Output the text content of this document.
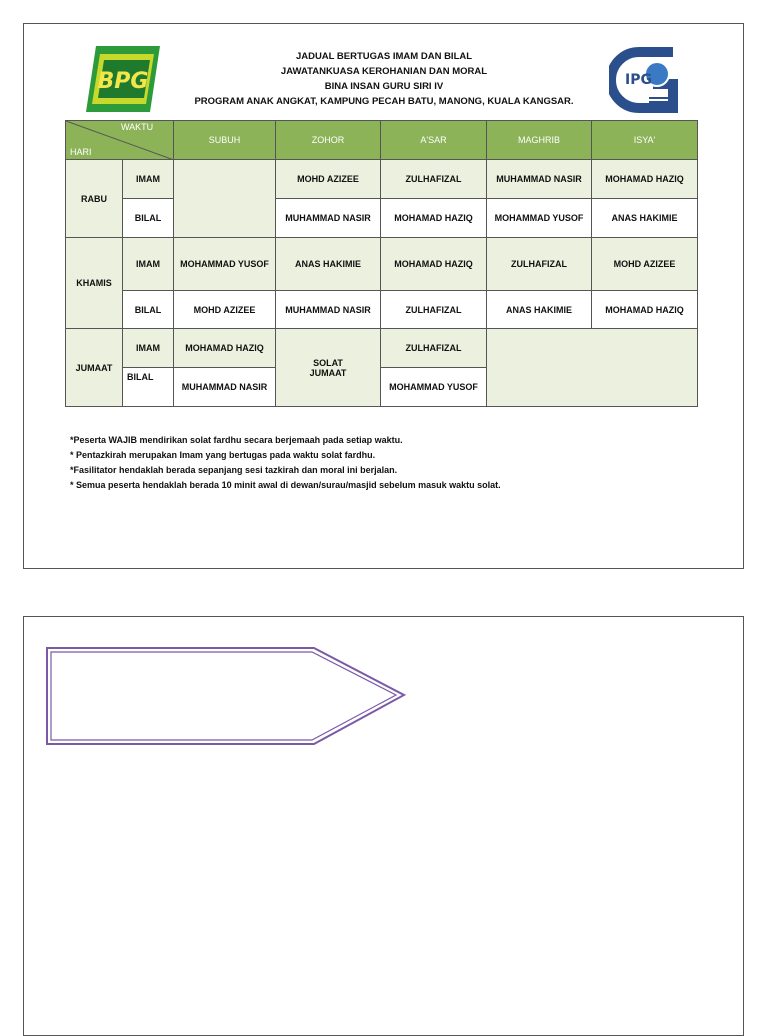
BPG
JADUAL BERTUGAS IMAM DAN BILAL
JAWATANKUASA KEROHANIAN DAN MORAL
BINA INSAN GURU SIRI IV
PROGRAM ANAK ANGKAT, KAMPUNG PECAH BATU, MANONG, KUALA KANGSAR.
IPG
WAKTU
HARI		SUBUH	ZOHOR	A'SAR	MAGHRIB	ISYA'
RABU	IMAM		MOHD AZIZEE	ZULHAFIZAL	MUHAMMAD NASIR	MOHAMAD HAZIQ
	BILAL		MUHAMMAD NASIR	MOHAMAD HAZIQ	MOHAMMAD YUSOF	ANAS HAKIMIE
KHAMIS	IMAM	MOHAMMAD YUSOF	ANAS HAKIMIE	MOHAMAD HAZIQ	ZULHAFIZAL	MOHD AZIZEE
	BILAL	MOHD AZIZEE	MUHAMMAD NASIR	ZULHAFIZAL	ANAS HAKIMIE	MOHAMAD HAZIQ
JUMAAT	IMAM	MOHAMAD HAZIQ	SOLAT JUMAAT	ZULHAFIZAL		
	BILAL	MUHAMMAD NASIR		MOHAMMAD YUSOF		
*Peserta WAJIB mendirikan solat fardhu secara berjemaah pada setiap waktu.
* Pentazkirah merupakan Imam yang bertugas pada waktu solat fardhu.
*Fasilitator hendaklah berada sepanjang sesi tazkirah dan moral ini berjalan.
* Semua peserta hendaklah berada 10 minit awal di dewan/surau/masjid sebelum masuk waktu solat.
